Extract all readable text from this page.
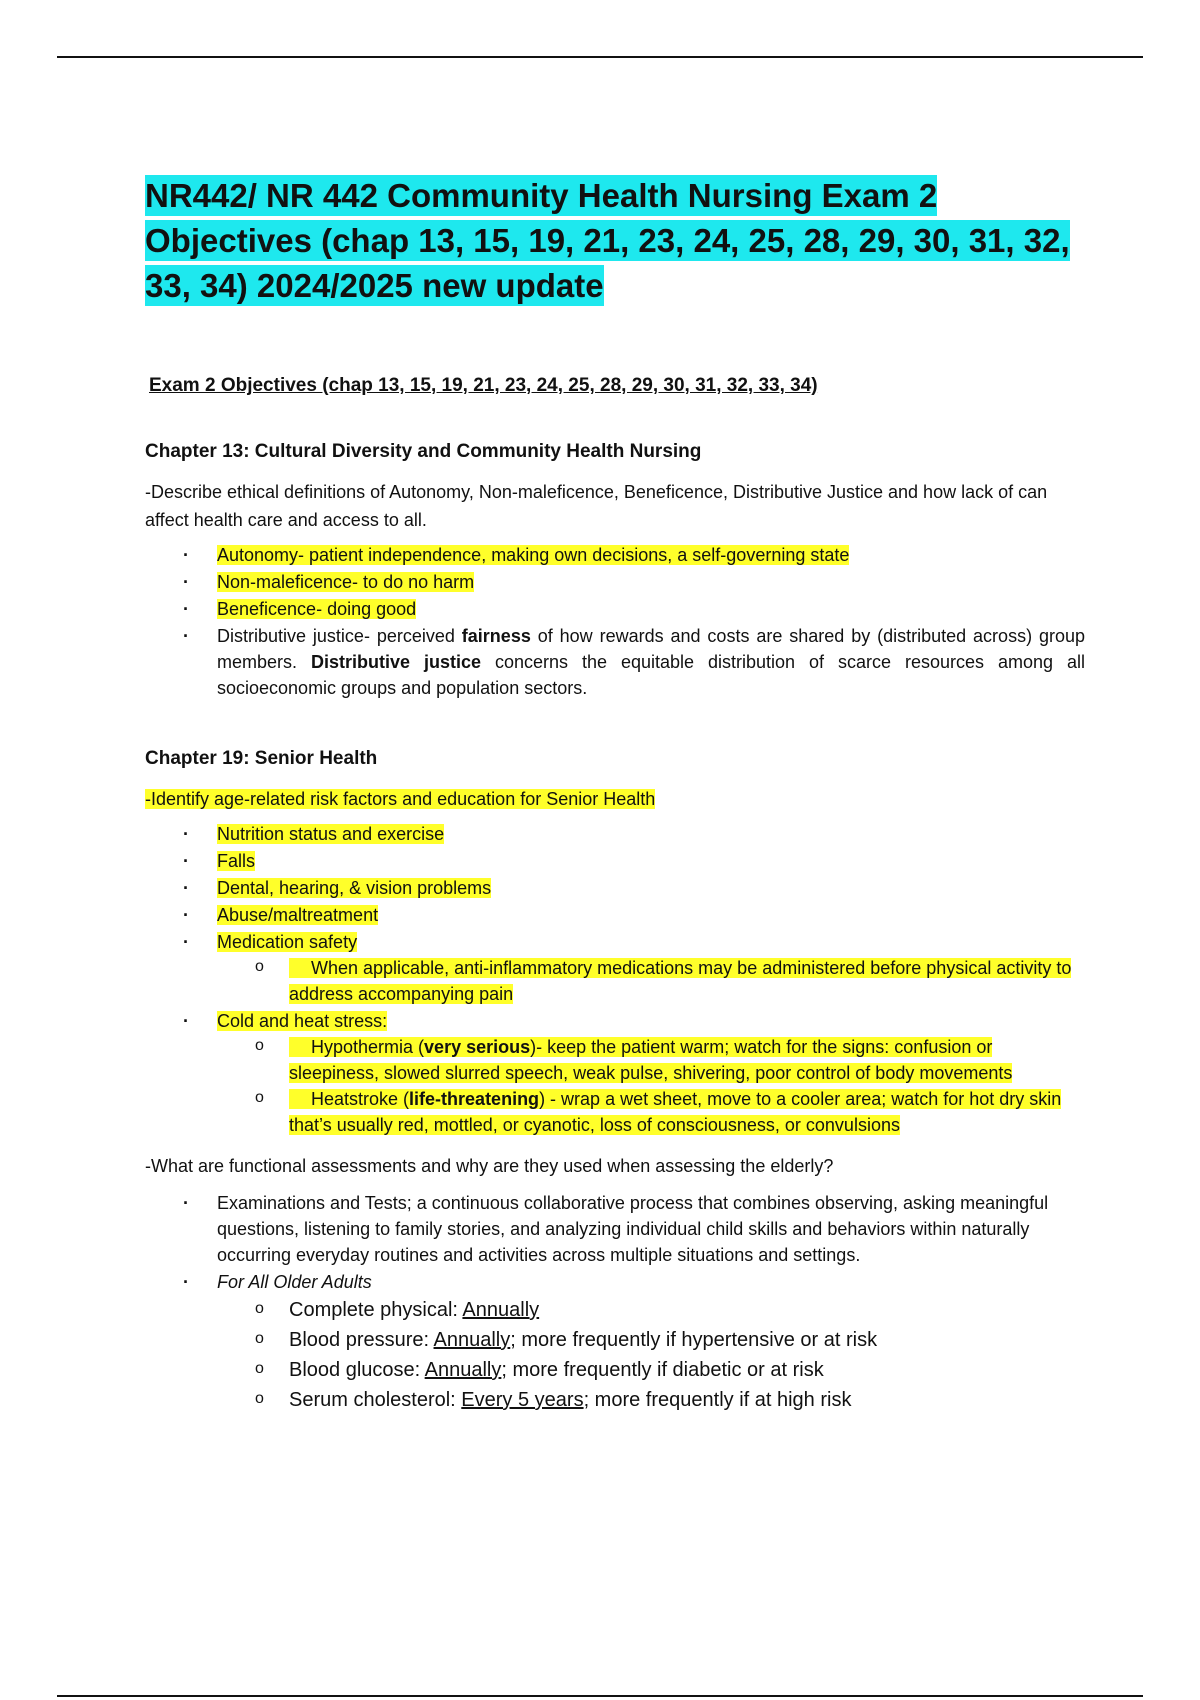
NR442/ NR 442 Community Health Nursing Exam 2 Objectives (chap 13, 15, 19, 21, 23, 24, 25, 28, 29, 30, 31, 32, 33, 34) 2024/2025 new update

Exam 2 Objectives (chap 13, 15, 19, 21, 23, 24, 25, 28, 29, 30, 31, 32, 33, 34)

Chapter 13: Cultural Diversity and Community Health Nursing

-Describe ethical definitions of Autonomy, Non-maleficence, Beneficence, Distributive Justice and how lack of can affect health care and access to all.

· Autonomy- patient independence, making own decisions, a self-governing state
· Non-maleficence- to do no harm
· Beneficence- doing good
· Distributive justice- perceived fairness of how rewards and costs are shared by (distributed across) group members. Distributive justice concerns the equitable distribution of scarce resources among all socioeconomic groups and population sectors.

Chapter 19: Senior Health

-Identify age-related risk factors and education for Senior Health

· Nutrition status and exercise
· Falls
· Dental, hearing, & vision problems
· Abuse/maltreatment
· Medication safety
o When applicable, anti-inflammatory medications may be administered before physical activity to address accompanying pain
· Cold and heat stress:
o Hypothermia (very serious)- keep the patient warm; watch for the signs: confusion or sleepiness, slowed slurred speech, weak pulse, shivering, poor control of body movements
o Heatstroke (life-threatening) - wrap a wet sheet, move to a cooler area; watch for hot dry skin that’s usually red, mottled, or cyanotic, loss of consciousness, or convulsions

-What are functional assessments and why are they used when assessing the elderly?

· Examinations and Tests; a continuous collaborative process that combines observing, asking meaningful questions, listening to family stories, and analyzing individual child skills and behaviors within naturally occurring everyday routines and activities across multiple situations and settings.
· For All Older Adults
o Complete physical: Annually
o Blood pressure: Annually; more frequently if hypertensive or at risk
o Blood glucose: Annually; more frequently if diabetic or at risk
o Serum cholesterol: Every 5 years; more frequently if at high risk
